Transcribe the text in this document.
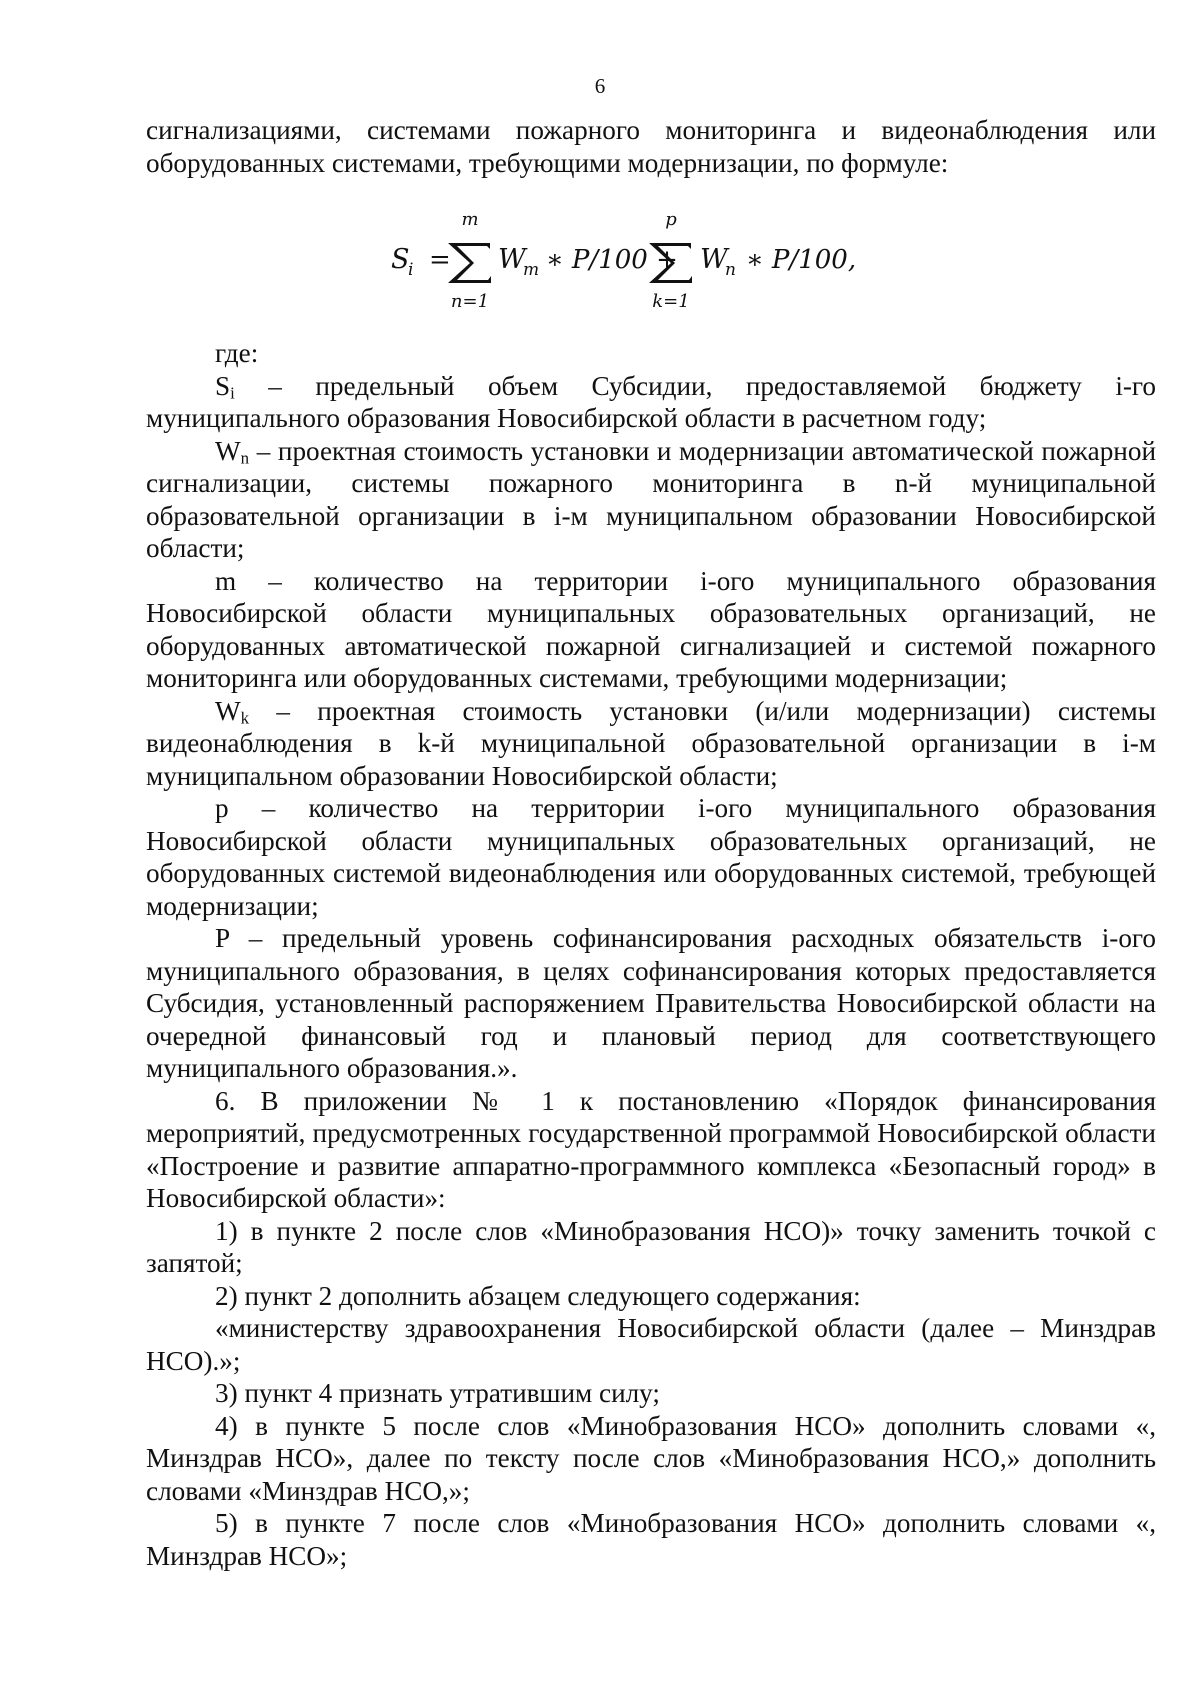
6

сигнализациями, системами пожарного мониторинга и видеонаблюдения или

оборудованных системами, требующими модернизации, по формуле:

S
i =
m
n=1
W
m ∗ P/100 +
p
k=1
W
n ∗ P/100,

где:

Si – предельный объем Субсидии, предоставляемой бюджету i-го муниципального образования Новосибирской области в расчетном году;

Wn – проектная стоимость установки и модернизации автоматической пожарной сигнализации, системы пожарного мониторинга в n-й муниципальной образовательной организации в i-м муниципальном образовании Новосибирской области;

m – количество на территории i-ого муниципального образования Новосибирской области муниципальных образовательных организаций, не оборудованных автоматической пожарной сигнализацией и системой пожарного мониторинга или оборудованных системами, требующими модернизации;

Wk – проектная стоимость установки (и/или модернизации) системы видеонаблюдения в k-й муниципальной образовательной организации в i-м муниципальном образовании Новосибирской области;

p – количество на территории i-ого муниципального образования Новосибирской области муниципальных образовательных организаций, не оборудованных системой видеонаблюдения или оборудованных системой, требующей модернизации;

P – предельный уровень софинансирования расходных обязательств i-ого муниципального образования, в целях софинансирования которых предоставляется Субсидия, установленный распоряжением Правительства Новосибирской области на очередной финансовый год и плановый период для соответствующего муниципального образования.».

6. В приложении № 1 к постановлению «Порядок финансирования мероприятий, предусмотренных государственной программой Новосибирской области «Построение и развитие аппаратно-программного комплекса «Безопасный город» в Новосибирской области»:

1) в пункте 2 после слов «Минобразования НСО)» точку заменить точкой с запятой;

2) пункт 2 дополнить абзацем следующего содержания:

«министерству здравоохранения Новосибирской области (далее – Минздрав НСО).»;

3) пункт 4 признать утратившим силу;

4) в пункте 5 после слов «Минобразования НСО» дополнить словами «, Минздрав НСО», далее по тексту после слов «Минобразования НСО,» дополнить словами «Минздрав НСО,»;

5) в пункте 7 после слов «Минобразования НСО» дополнить словами «, Минздрав НСО»;
